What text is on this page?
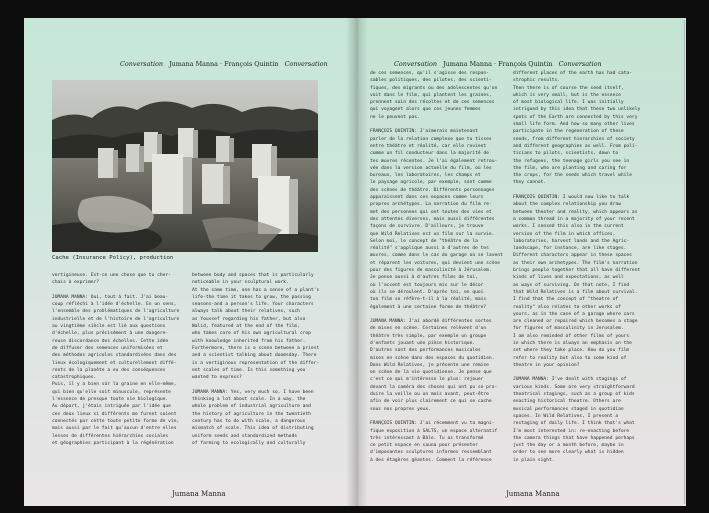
Conversation Jumana Manna · François Quintin Conversation
Cache (Insurance Policy), production

vertigineuse. Est-ce une chose que tu cher-
chais à exprimer?

JUMANA MANNA: Oui, tout à fait. J'ai beau-
coup réfléchi à l'idée d'échelle. En un sens,
l'ensemble des problématiques de l'agriculture
industrielle et de l'histoire de l'agriculture
au vingtième siècle est lié aux questions
d'échelle, plus précisément à une dangere-
reuse discordance des échelles. Cette idée
de diffuser des semences uniformisées et
des méthodes agricoles standardisées dans des
lieux écologiquement et culturellement diffé-
rents de la planète a eu des conséquences
catastrophiques.
Puis, il y a bien sûr la graine en elle-même,
qui bien qu'elle soit minuscule, représente
l'essence de presque toute vie biologique.
Au départ, j'étais intriguée par l'idée que
ces deux lieux si différents me furent soient
connectés par cette toute petite forme de vie,
mais aussi par le fait qu'aucun d'entre elles
lesses de différentes hiérarchies sociales
et géographies participant à la régénération

between body and spaces that is particularly
noticeable in your sculptural work.
At the same time, one has a sense of a plant's
life-the time it takes to grow, the passing
seasons-and a person's life. Your characters
always talk about their relatives, such
as Youssef regarding his father, but also
Walid, featured at the end of the film,
who takes care of his own agricultural crop
with knowledge inherited from his father.
Furthermore, there is a scene between a priest
and a scientist talking about doomsday. There
is a vertiginous representation of the differ-
ent scales of time. Is this something you
wanted to express?

JUMANA MANNA: Yes, very much so. I have been
thinking a lot about scale. In a way, the
whole problem of industrial agriculture and
the history of agriculture in the twentieth
century has to do with scale, a dangerous
mismatch of scale. This idea of distributing
uniform seeds and standardized methods
of farming to ecologically and culturally

Jumana Manna
Conversation Jumana Manna · François Quintin Conversation

de ces semences, qu'il s'agisse des respon-
sables politiques, des pilotes, des scienti-
fiques, des migrants ou des adolescentes qu'on
voit dans le film, qui plantent les graines,
prennent soin des récoltes et de ces semences
qui voyagent alors que ces jeunes femmes
ne le peuvent pas.

FRANÇOIS QUINTIN: J'aimerais maintenant
parler de la relation complexe que tu tisses
entre théâtre et réalité, car elle revient
comme un fil conducteur dans la majorité de
tes œuvres récentes. Je l'ai également retrou-
vée dans la version actuelle du film, où les
bureaux, les laboratoires, les champs et
le paysage agricole, par exemple, sont comme
des scènes de théâtre. Différents personnages
apparaissent dans ces espaces comme leurs
propres archétypes. La narration du film re-
met des personnes qui ont toutes des vies et
des attentes diverses, mais aussi différentes
façons de survivre. D'ailleurs, je trouve
que Wild Relatives est un film sur la survie.
Selon moi, le concept de "théâtre de la
réalité" s'applique aussi à d'autres de tes
œuvres, comme dans le cas du garage où se lavent
et réparent les voitures, qui devient une scène
pour des figures de masculinité à Jérusalem.
Je pense aussi à d'autres films de toi,
où l'accent est toujours mis sur le décor
où ils se déroulent. D'après toi, en quoi
ton film se réfère-t-il à la réalité, mais
également à une certaine forme de théâtre?

JUMANA MANNA: J'ai abordé différentes sortes
de mises en scène. Certaines relèvent d'un
théâtre très simple, par exemple un groupe
d'enfants jouant une pièce historique.
D'autres sont des performances musicales
mises en scène dans des espaces du quotidien.
Dans Wild Relatives, je présente une remise
en scène de la vie quotidienne. Je pense que
c'est ce qui m'intéresse le plus: rejouer
devant la caméra des choses qui ont pu se pro-
duire la veille ou un mois avant, peut-être
afin de voir plus clairement ce qui se cache
sous nos propres yeux.

FRANÇOIS QUINTIN: J'ai récemment vu ta magni-
fique exposition à SALTS, un espace alternatif
très intéressant à Bâle. Tu as transformé
ce petit espace en sauna pour présenter
d'imposantes sculptures informes ressemblant
à des étagères géantes. Comment la référence

different places of the earth has had cata-
strophic results.
Then there is of course the seed itself,
which is very small, but is the essence
of most biological life. I was initially
intrigued by this idea that these two unlikely
spots of the Earth are connected by this very
small life form. And how so many other lives
participate in the regeneration of these
seeds, from different hierarchies of society
and different geographies as well. From poli-
ticians to pilots, scientists, down to
the refugees, the teenage girls you see in
the film, who are planting and caring for
the crops, for the seeds which travel while
they cannot.

FRANÇOIS QUINTIN: I would now like to talk
about the complex relationship you draw
between theater and reality, which appears as
a common thread in a majority of your recent
works. I sensed this also in the current
version of the film in which offices,
laboratories, harvest lands and the Agric-
landscape, for instance, are like stages.
Different characters appear in these spaces
as their own archetypes. The film's narration
brings people together that all have different
kinds of lives and expectations, as well
as ways of surviving. On that note, I find
that Wild Relatives is a film about survival.
I find that the concept of "theatre of
reality" also relates to other works of
yours, as in the case of a garage where cars
are cleaned or repaired which becomes a stage
for figures of masculinity in Jerusalem.
I am also reminded of other films of yours
in which there is always an emphasis on the
set where they take place. How do you film
refer to reality but also to some kind of
theatre in your opinion?

JUMANA MANNA: I've dealt with stagings of
various kinds. Some are very straightforward
theatrical stagings, such as a group of kids
enacting historical theatre. Others are
musical performances staged in quotidian
spaces. In Wild Relatives, I present a
restaging of daily life. I think that's what
I'm most interested in: re-enacting before
the camera things that have happened perhaps
just the day or a month before, maybe in
order to see more clearly what is hidden
in plain sight.

Jumana Manna
